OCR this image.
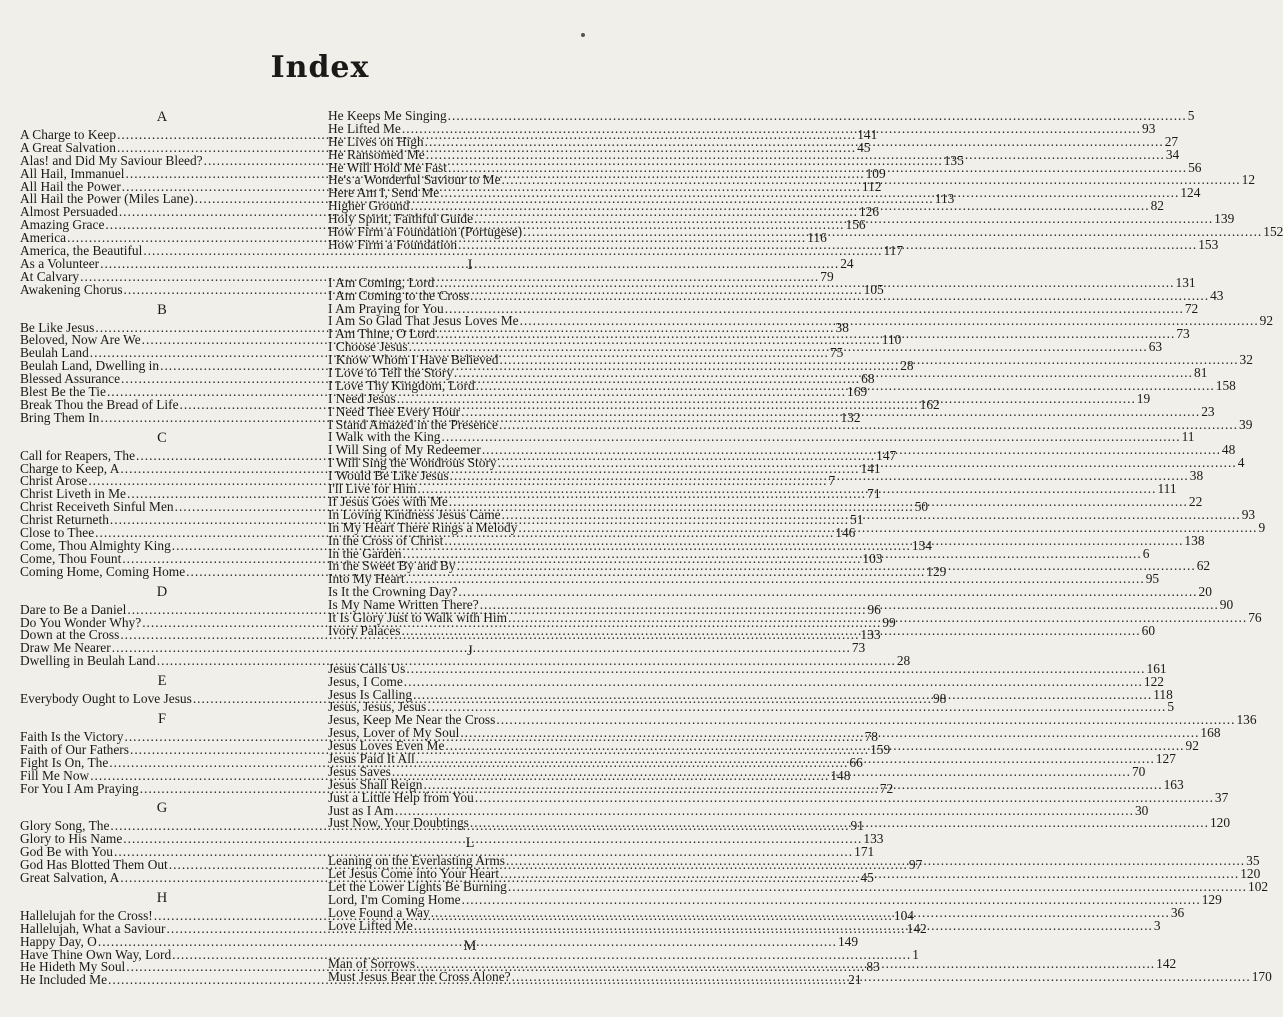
Index
A
A Charge to Keep .....	141
A Great Salvation .....	45
Alas! and Did My Saviour Bleed? .....	135
All Hail, Immanuel .....	109
All Hail the Power .....	112
All Hail the Power (Miles Lane) .....	113
Almost Persuaded .....	126
Amazing Grace .....	156
America .....	116
America, the Beautiful .....	117
As a Volunteer .....	24
At Calvary .....	79
Awakening Chorus .....	105
B
Be Like Jesus .....	38
Beloved, Now Are We .....	110
Beulah Land .....	75
Beulah Land, Dwelling in .....	28
Blessed Assurance .....	68
Blest Be the Tie .....	169
Break Thou the Bread of Life .....	162
Bring Them In .....	132
C
Call for Reapers, The .....	147
Charge to Keep, A .....	141
Christ Arose .....	7
Christ Liveth in Me .....	71
Christ Receiveth Sinful Men .....	50
Christ Returneth .....	51
Close to Thee .....	146
Come, Thou Almighty King .....	134
Come, Thou Fount .....	103
Coming Home, Coming Home .....	129
D
Dare to Be a Daniel .....	96
Do You Wonder Why? .....	99
Down at the Cross .....	133
Draw Me Nearer .....	73
Dwelling in Beulah Land .....	28
E
Everybody Ought to Love Jesus .....	98
F
Faith Is the Victory .....	78
Faith of Our Fathers .....	159
Fight Is On, The .....	66
Fill Me Now .....	148
For You I Am Praying .....	72
G
Glory Song, The .....	91
Glory to His Name .....	133
God Be with You .....	171
God Has Blotted Them Out .....	97
Great Salvation, A .....	45
H
Hallelujah for the Cross! .....	104
Hallelujah, What a Saviour .....	142
Happy Day, O .....	149
Have Thine Own Way, Lord .....	1
He Hideth My Soul .....	83
He Included Me .....	21
He Keeps Me Singing .....	5
He Lifted Me .....	93
He Lives on High .....	27
He Ransomed Me .....	34
He Will Hold Me Fast .....	56
He's a Wonderful Saviour to Me .....	12
Here Am I, Send Me .....	124
Higher Ground .....	82
Holy Spirit, Faithful Guide .....	139
How Firm a Foundation (Portugese) .....	152
How Firm a Foundation .....	153
I
I Am Coming, Lord .....	131
I Am Coming to the Cross .....	43
I Am Praying for You .....	72
I Am So Glad That Jesus Loves Me .....	92
I Am Thine, O Lord .....	73
I Choose Jesus .....	63
I Know Whom I Have Believed .....	32
I Love to Tell the Story .....	81
I Love Thy Kingdom, Lord .....	158
I Need Jesus .....	19
I Need Thee Every Hour .....	23
I Stand Amazed in the Presence .....	39
I Walk with the King .....	11
I Will Sing of My Redeemer .....	48
I Will Sing the Wondrous Story .....	4
I Would Be Like Jesus .....	38
I'll Live for Him .....	111
If Jesus Goes with Me .....	22
In Loving Kindness Jesus Came .....	93
In My Heart There Rings a Melody .....	9
In the Cross of Christ .....	138
In the Garden .....	6
In the Sweet By and By .....	62
Into My Heart .....	95
Is It the Crowning Day? .....	20
Is My Name Written There? .....	90
It Is Glory Just to Walk with Him .....	76
Ivory Palaces .....	60
J
Jesus Calls Us .....	161
Jesus, I Come .....	122
Jesus Is Calling .....	118
Jesus, Jesus, Jesus .....	5
Jesus, Keep Me Near the Cross .....	136
Jesus, Lover of My Soul .....	168
Jesus Loves Even Me .....	92
Jesus Paid It All .....	127
Jesus Saves .....	70
Jesus Shall Reign .....	163
Just a Little Help from You .....	37
Just as I Am .....	30
Just Now, Your Doubtings .....	120
L
Leaning on the Everlasting Arms .....	35
Let Jesus Come into Your Heart .....	120
Let the Lower Lights Be Burning .....	102
Lord, I'm Coming Home .....	129
Love Found a Way .....	36
Love Lifted Me .....	3
M
Man of Sorrows .....	142
Must Jesus Bear the Cross Alone? .....	170
